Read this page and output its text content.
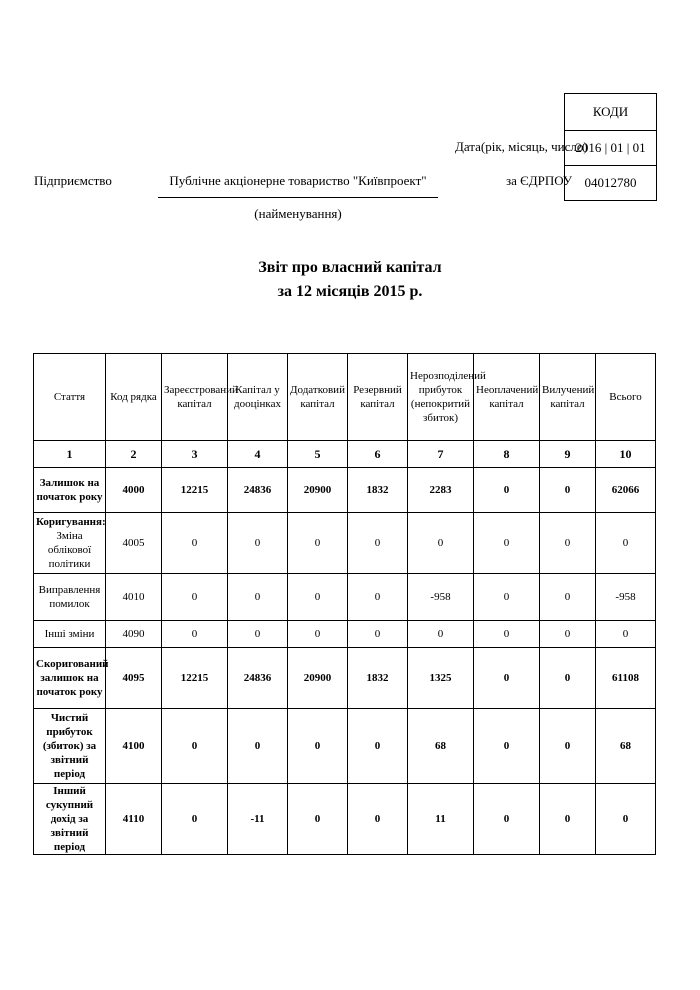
КОДИ
2016 | 01 | 01
04012780
Дата(рік, місяць, число)
за ЄДРПОУ
Підприємство	Публічне акціонерне товариство "Київпроект"
(найменування)
Звіт про власний капітал
за 12 місяців 2015 р.
Стаття	Код рядка	Зареєстрований капітал	Капітал у дооцінках	Додатковий капітал	Резервний капітал	Нерозподілений прибуток (непокритий збиток)	Неоплачений капітал	Вилучений капітал	Всього
1	2	3	4	5	6	7	8	9	10
Залишок на початок року	4000	12215	24836	20900	1832	2283	0	0	62066
Коригування:
Зміна облікової політики	4005	0	0	0	0	0	0	0	0
Виправлення помилок	4010	0	0	0	0	-958	0	0	-958
Інші зміни	4090	0	0	0	0	0	0	0	0
Скоригований залишок на початок року	4095	12215	24836	20900	1832	1325	0	0	61108
Чистий прибуток (збиток) за звітний період	4100	0	0	0	0	68	0	0	68
Інший сукупний дохід за звітний період	4110	0	-11	0	0	11	0	0	0
